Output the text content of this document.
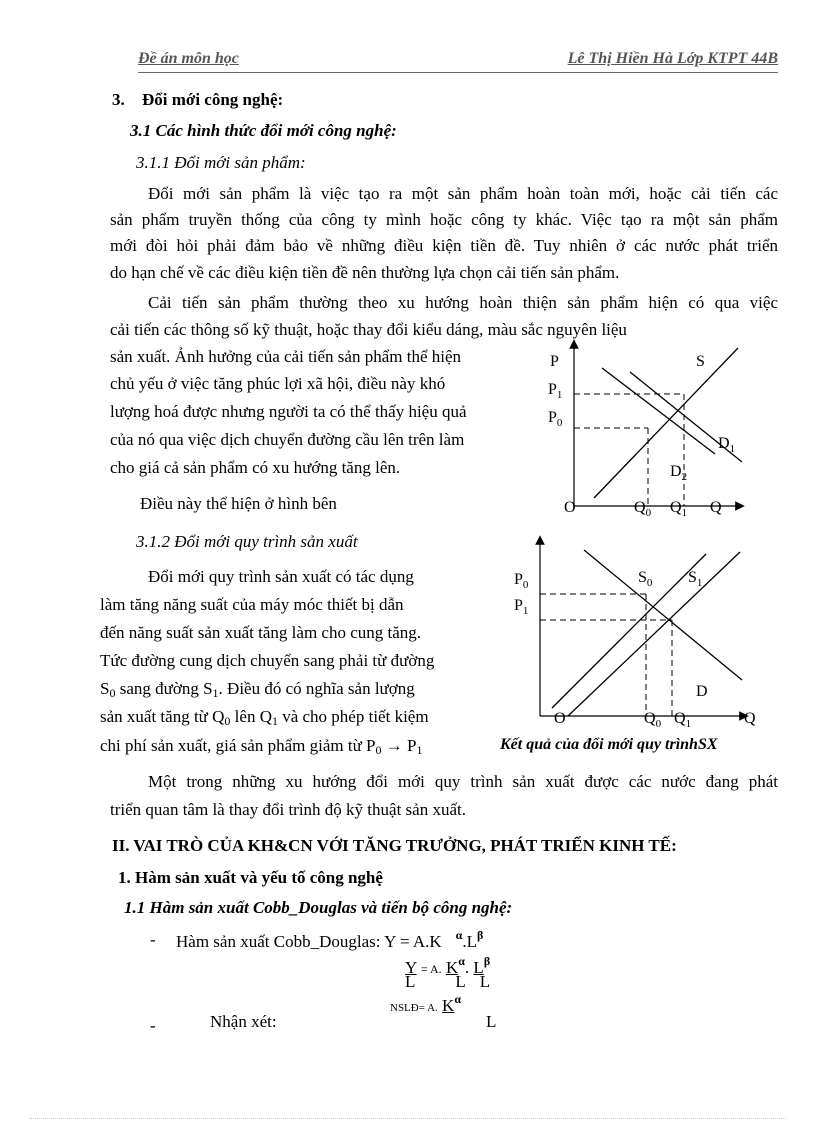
Đề án môn học	Lê Thị Hiền Hà Lớp KTPT 44B
3. Đổi mới công nghệ:
3.1 Các hình thức đổi mới công nghệ:
3.1.1 Đổi mới sản phẩm:
Đổi mới sản phẩm là việc tạo ra một sản phẩm hoàn toàn mới, hoặc cải tiến các
sản phẩm truyền thống của công ty mình hoặc công ty khác. Việc tạo ra một sản phẩm
mới đòi hỏi phải đảm bảo về những điều kiện tiền đề. Tuy nhiên ở các nước phát triển
do hạn chế về các điều kiện tiền đề nên thường lựa chọn cải tiến sản phẩm.
Cải tiến sản phẩm thường theo xu hướng hoàn thiện sản phẩm hiện có qua việc
cải tiến các thông số kỹ thuật, hoặc thay đổi kiểu dáng, màu sắc nguyên liệu
sản xuất. Ảnh hưởng của cải tiến sản phẩm thể hiện
chủ yếu ở việc tăng phúc lợi xã hội, điều này khó
lượng hoá được nhưng người ta có thể thấy hiệu quả
của nó qua việc dịch chuyển đường cầu lên trên làm
cho giá cả sản phẩm có xu hướng tăng lên.
Điều này thể hiện ở hình bên
3.1.2 Đổi mới quy trình sản xuất
Đổi mới quy trình sản xuất có tác dụng
làm tăng năng suất của máy móc thiết bị dẫn
đến năng suất sản xuất tăng làm cho cung tăng.
Tức đường cung dịch chuyển sang phải từ đường
$S_0$ sang đường $S_1$. Điều đó có nghĩa sản lượng
sản xuất tăng từ $Q_0$ lên $Q_1$ và cho phép tiết kiệm
chi phí sản xuất, giá sản phẩm giảm từ $P_0 \to P_1$	Kết quả của đổi mới quy trìnhSX
Một trong những xu hướng đổi mới quy trình sản xuất được các nước đang phát
triển quan tâm là thay đổi trình độ kỹ thuật sản xuất.
II. VAI TRÒ CỦA KH&CN VỚI TĂNG TRƯỞNG, PHÁT TRIỂN KINH TẾ:
1. Hàm sản xuất và yếu tố công nghệ
1.1 Hàm sản xuất Cobb_Douglas và tiến bộ công nghệ:
- Hàm sản xuất Cobb_Douglas: Y = A.K $^\alpha.L^\beta$
Y = A. $K^\alpha$. $L^\beta$
L L L
NSLĐ= A. $K^\alpha$
L
-	Nhận xét:
P	S
$P_1$
$P_0$
$D_1$
$D_2$
O	$Q_0$ $Q_1$ Q
$P_0$
$P_1$
$S_0$ $S_1$
D
O	$Q_0$ $Q_1$	Q
